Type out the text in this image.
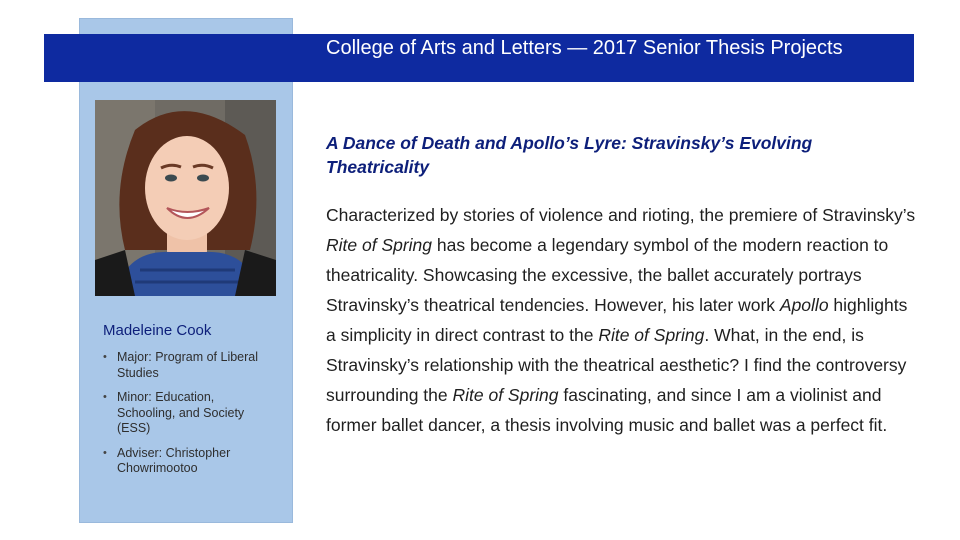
College of Arts and Letters — 2017 Senior Thesis Projects
Madeleine Cook
• Major: Program of Liberal Studies
• Minor: Education, Schooling, and Society (ESS)
• Adviser: Christopher Chowrimootoo
A Dance of Death and Apollo’s Lyre: Stravinsky’s Evolving Theatricality
Characterized by stories of violence and rioting, the premiere of Stravinsky’s Rite of Spring has become a legendary symbol of the modern reaction to theatricality. Showcasing the excessive, the ballet accurately portrays Stravinsky’s theatrical tendencies. However, his later work Apollo highlights a simplicity in direct contrast to the Rite of Spring. What, in the end, is Stravinsky’s relationship with the theatrical aesthetic? I find the controversy surrounding the Rite of Spring fascinating, and since I am a violinist and former ballet dancer, a thesis involving music and ballet was a perfect fit.
